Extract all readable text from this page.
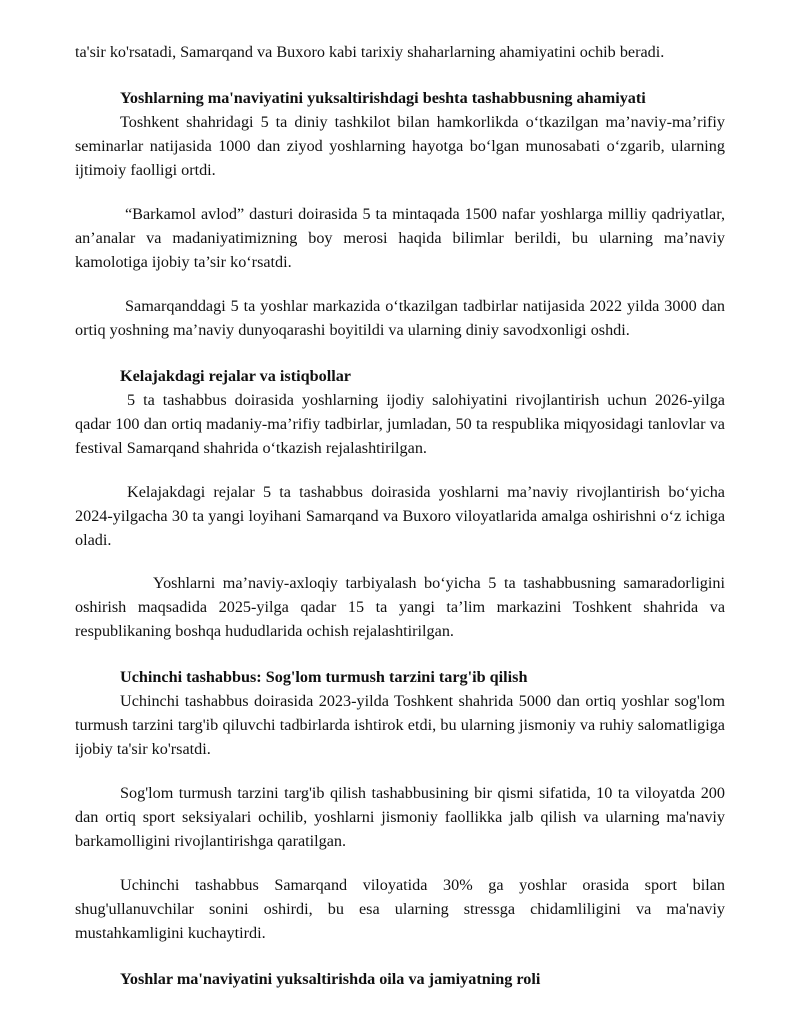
ta'sir ko'rsatadi, Samarqand va Buxoro kabi tarixiy shaharlarning ahamiyatini ochib beradi.

Yoshlarning ma'naviyatini yuksaltirishdagi beshta tashabbusning ahamiyati

Toshkent shahridagi 5 ta diniy tashkilot bilan hamkorlikda o‘tkazilgan ma’naviy-ma’rifiy seminarlar natijasida 1000 dan ziyod yoshlarning hayotga bo‘lgan munosabati o‘zgarib, ularning ijtimoiy faolligi ortdi.

“Barkamol avlod” dasturi doirasida 5 ta mintaqada 1500 nafar yoshlarga milliy qadriyatlar, an’analar va madaniyatimizning boy merosi haqida bilimlar berildi, bu ularning ma’naviy kamolotiga ijobiy ta’sir ko‘rsatdi.

Samarqanddagi 5 ta yoshlar markazida o‘tkazilgan tadbirlar natijasida 2022 yilda 3000 dan ortiq yoshning ma’naviy dunyoqarashi boyitildi va ularning diniy savodxonligi oshdi.

Kelajakdagi rejalar va istiqbollar

5 ta tashabbus doirasida yoshlarning ijodiy salohiyatini rivojlantirish uchun 2026-yilga qadar 100 dan ortiq madaniy-ma’rifiy tadbirlar, jumladan, 50 ta respublika miqyosidagi tanlovlar va festival Samarqand shahrida o‘tkazish rejalashtirilgan.

Kelajakdagi rejalar 5 ta tashabbus doirasida yoshlarni ma’naviy rivojlantirish bo‘yicha 2024-yilgacha 30 ta yangi loyihani Samarqand va Buxoro viloyatlarida amalga oshirishni o‘z ichiga oladi.

Yoshlarni ma’naviy-axloqiy tarbiyalash bo‘yicha 5 ta tashabbusning samaradorligini oshirish maqsadida 2025-yilga qadar 15 ta yangi ta’lim markazini Toshkent shahrida va respublikaning boshqa hududlarida ochish rejalashtirilgan.

Uchinchi tashabbus: Sog'lom turmush tarzini targ'ib qilish

Uchinchi tashabbus doirasida 2023-yilda Toshkent shahrida 5000 dan ortiq yoshlar sog'lom turmush tarzini targ'ib qiluvchi tadbirlarda ishtirok etdi, bu ularning jismoniy va ruhiy salomatligiga ijobiy ta'sir ko'rsatdi.

Sog'lom turmush tarzini targ'ib qilish tashabbusining bir qismi sifatida, 10 ta viloyatda 200 dan ortiq sport seksiyalari ochilib, yoshlarni jismoniy faollikka jalb qilish va ularning ma'naviy barkamolligini rivojlantirishga qaratilgan.

Uchinchi tashabbus Samarqand viloyatida 30% ga yoshlar orasida sport bilan shug'ullanuvchilar sonini oshirdi, bu esa ularning stressga chidamliligini va ma'naviy mustahkamligini kuchaytirdi.

Yoshlar ma'naviyatini yuksaltirishda oila va jamiyatning roli
